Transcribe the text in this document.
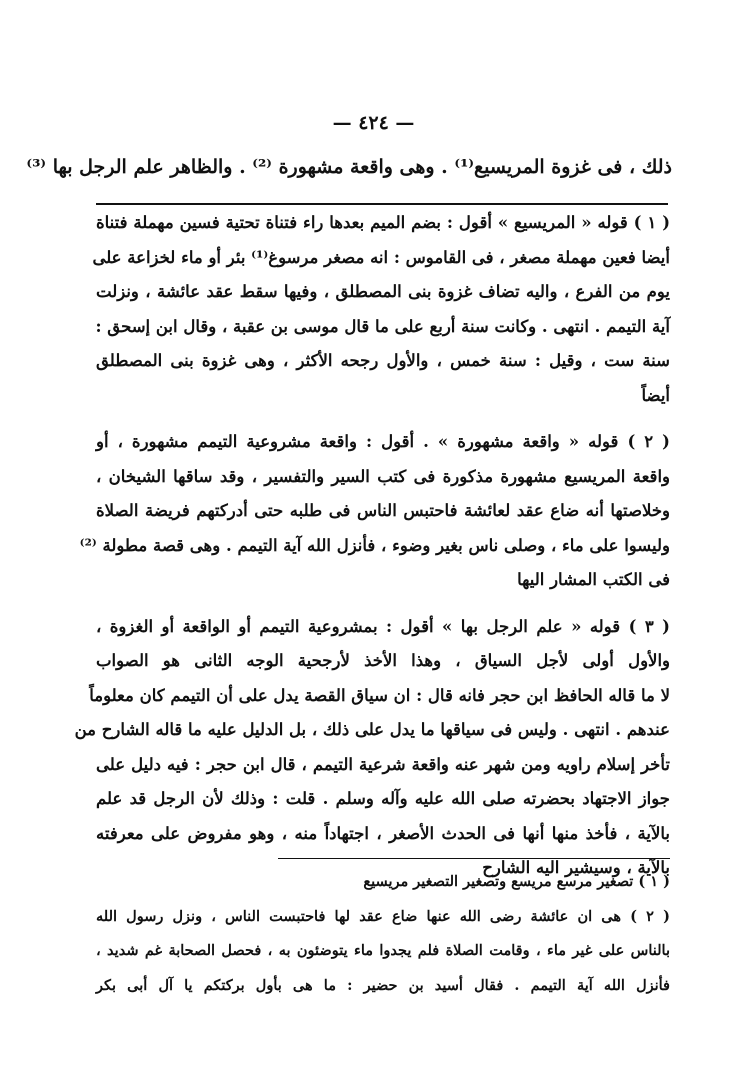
— ٤٢٤ —
ذلك ، فى غزوة المريسيع⁽¹⁾ . وهى واقعة مشهورة ⁽²⁾ . والظاهر علم الرجل بها ⁽³⁾
( ١ ) قوله « المريسيع » أقول : بضم الميم بعدها راء فتناة تحتية فسين مهملة فتناة
أيضا فعين مهملة مصغر ، فى القاموس : انه مصغر مرسوغ⁽¹⁾ بئر أو ماء لخزاعة على
يوم من الفرع ، واليه تضاف غزوة بنى المصطلق ، وفيها سقط عقد عائشة ، ونزلت
آية التيمم . انتهى . وكانت سنة أربع على ما قال موسى بن عقبة ، وقال ابن إسحق :
سنة ست ، وقيل : سنة خمس ، والأول رجحه الأكثر ، وهى غزوة بنى المصطلق
أيضاً
( ٢ ) قوله « واقعة مشهورة » . أقول : واقعة مشروعية التيمم مشهورة ، أو
واقعة المريسيع مشهورة مذكورة فى كتب السير والتفسير ، وقد ساقها الشيخان ،
وخلاصتها أنه ضاع عقد لعائشة فاحتبس الناس فى طلبه حتى أدركتهم فريضة الصلاة
وليسوا على ماء ، وصلى ناس بغير وضوء ، فأنزل الله آية التيمم . وهى قصة مطولة ⁽²⁾
فى الكتب المشار اليها
( ٣ ) قوله « علم الرجل بها » أقول : بمشروعية التيمم أو الواقعة أو الغزوة ،
والأول أولى لأجل السياق ، وهذا الأخذ لأرجحية الوجه الثانى هو الصواب
لا ما قاله الحافظ ابن حجر فانه قال : ان سياق القصة يدل على أن التيمم كان معلوماً
عندهم . انتهى . وليس فى سياقها ما يدل على ذلك ، بل الدليل عليه ما قاله الشارح من
تأخر إسلام راويه ومن شهر عنه واقعة شرعية التيمم ، قال ابن حجر : فيه دليل على
جواز الاجتهاد بحضرته صلى الله عليه وآله وسلم . قلت : وذلك لأن الرجل قد علم
بالآية ، فأخذ منها أنها فى الحدث الأصغر ، اجتهاداً منه ، وهو مفروض على معرفته
بالآية ، وسيشير اليه الشارح
( ١ ) تصغير مرسع مريسع وتصغير التصغير مريسيع
( ٢ ) هى ان عائشة رضى الله عنها ضاع عقد لها فاحتبست الناس ، ونزل رسول الله
بالناس على غير ماء ، وقامت الصلاة فلم يجدوا ماء يتوضئون به ، فحصل الصحابة غم شديد ،
فأنزل الله آية التيمم . فقال أسيد بن حضير : ما هى بأول بركتكم يا آل أبى بكر
